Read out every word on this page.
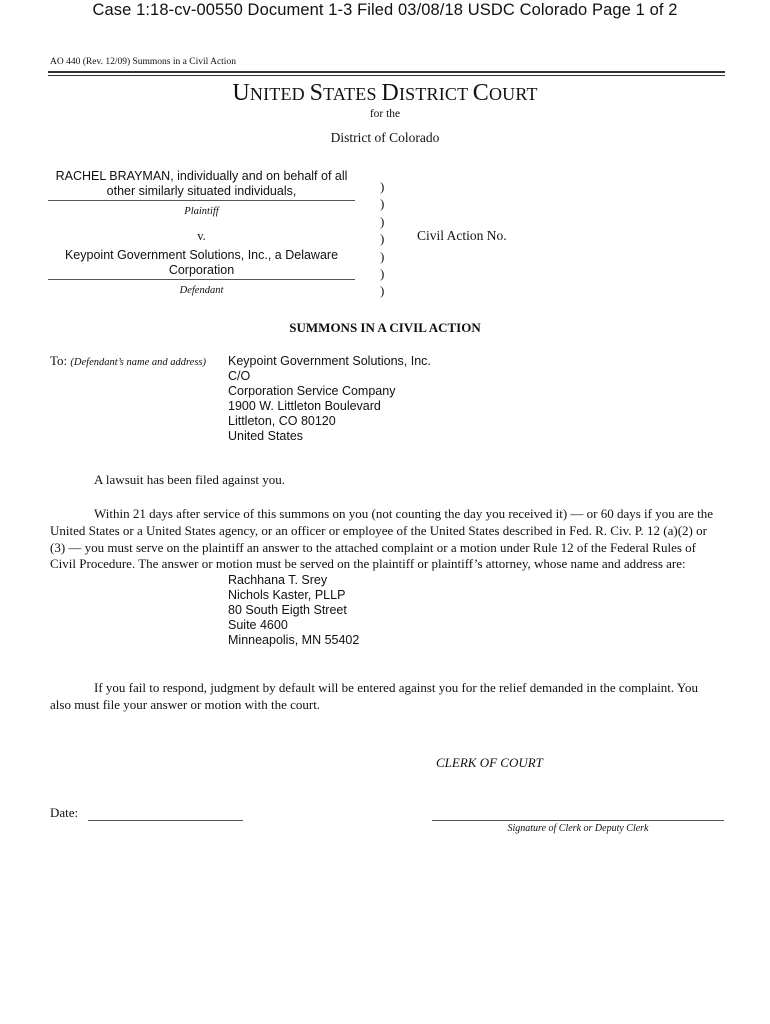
Case 1:18-cv-00550 Document 1-3 Filed 03/08/18 USDC Colorado Page 1 of 2
AO 440 (Rev. 12/09) Summons in a Civil Action
UNITED STATES DISTRICT COURT
for the
District of Colorado
RACHEL BRAYMAN, individually and on behalf of all
other similarly situated individuals,
Plaintiff
v.
Keypoint Government Solutions, Inc., a Delaware
Corporation
Defendant
)
)
)
)
)
)
)
Civil Action No.
SUMMONS IN A CIVIL ACTION
To: (Defendant’s name and address) Keypoint Government Solutions, Inc.
C/O
Corporation Service Company
1900 W. Littleton Boulevard
Littleton, CO 80120
United States
A lawsuit has been filed against you.
Within 21 days after service of this summons on you (not counting the day you received it) — or 60 days if you are the United States or a United States agency, or an officer or employee of the United States described in Fed. R. Civ. P. 12 (a)(2) or (3) — you must serve on the plaintiff an answer to the attached complaint or a motion under Rule 12 of the Federal Rules of Civil Procedure. The answer or motion must be served on the plaintiff or plaintiff’s attorney, whose name and address are:
Rachhana T. Srey
Nichols Kaster, PLLP
80 South Eigth Street
Suite 4600
Minneapolis, MN 55402
If you fail to respond, judgment by default will be entered against you for the relief demanded in the complaint. You also must file your answer or motion with the court.
CLERK OF COURT
Date:
Signature of Clerk or Deputy Clerk
